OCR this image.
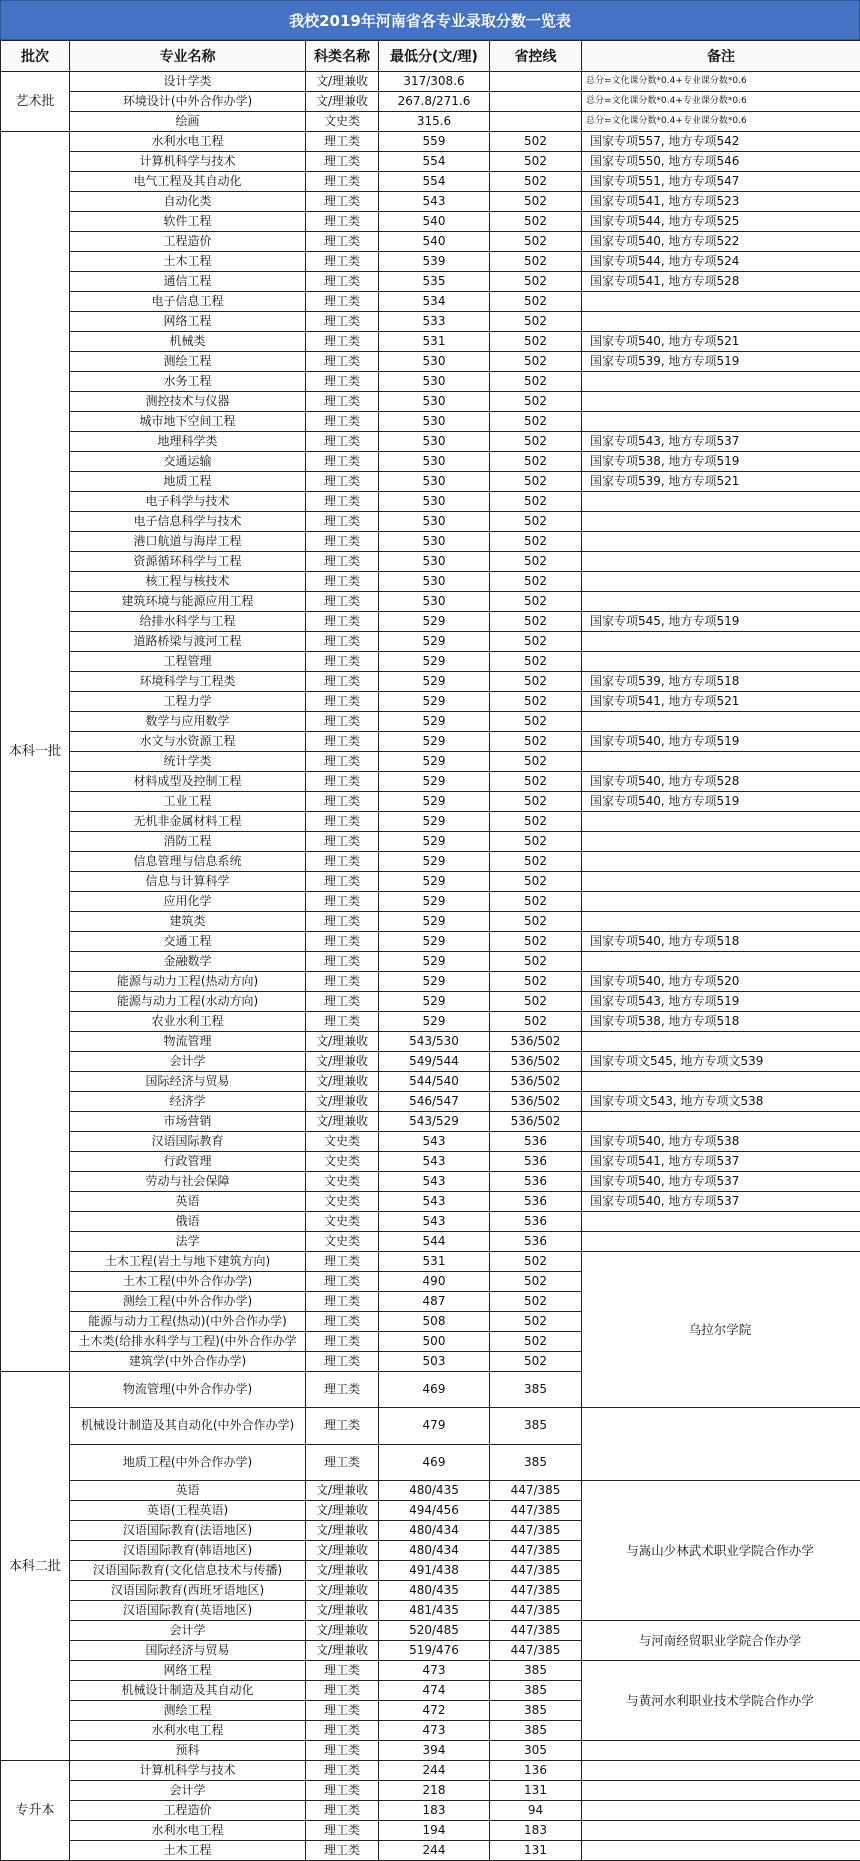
我校2019年河南省各专业录取分数一览表
批次	专业名称	科类名称	最低分(文/理)	省控线	备注	
艺术批	设计学类	文/理兼收	317/308.6		总分=文化课分数*0.4+专业课分数*0.6	
	环境设计(中外合作办学)	文/理兼收	267.8/271.6		总分=文化课分数*0.4+专业课分数*0.6	
	绘画	文史类	315.6		总分=文化课分数*0.4+专业课分数*0.6	
本科一批	水利水电工程	理工类	559	502	国家专项557, 地方专项542	
	计算机科学与技术	理工类	554	502	国家专项550, 地方专项546	
	电气工程及其自动化	理工类	554	502	国家专项551, 地方专项547	
	自动化类	理工类	543	502	国家专项541, 地方专项523	
	软件工程	理工类	540	502	国家专项544, 地方专项525	
	工程造价	理工类	540	502	国家专项540, 地方专项522	
	土木工程	理工类	539	502	国家专项544, 地方专项524	
	通信工程	理工类	535	502	国家专项541, 地方专项528	
	电子信息工程	理工类	534	502		
	网络工程	理工类	533	502		
	机械类	理工类	531	502	国家专项540, 地方专项521	
	测绘工程	理工类	530	502	国家专项539, 地方专项519	
	水务工程	理工类	530	502		
	测控技术与仪器	理工类	530	502		
	城市地下空间工程	理工类	530	502		
	地理科学类	理工类	530	502	国家专项543, 地方专项537	
	交通运输	理工类	530	502	国家专项538, 地方专项519	
	地质工程	理工类	530	502	国家专项539, 地方专项521	
	电子科学与技术	理工类	530	502		
	电子信息科学与技术	理工类	530	502		
	港口航道与海岸工程	理工类	530	502		
	资源循环科学与工程	理工类	530	502		
	核工程与核技术	理工类	530	502		
	建筑环境与能源应用工程	理工类	530	502		
	给排水科学与工程	理工类	529	502	国家专项545, 地方专项519	
	道路桥梁与渡河工程	理工类	529	502		
	工程管理	理工类	529	502		
	环境科学与工程类	理工类	529	502	国家专项539, 地方专项518	
	工程力学	理工类	529	502	国家专项541, 地方专项521	
	数学与应用数学	理工类	529	502		
	水文与水资源工程	理工类	529	502	国家专项540, 地方专项519	
	统计学类	理工类	529	502		
	材料成型及控制工程	理工类	529	502	国家专项540, 地方专项528	
	工业工程	理工类	529	502	国家专项540, 地方专项519	
	无机非金属材料工程	理工类	529	502		
	消防工程	理工类	529	502		
	信息管理与信息系统	理工类	529	502		
	信息与计算科学	理工类	529	502		
	应用化学	理工类	529	502		
	建筑类	理工类	529	502		
	交通工程	理工类	529	502	国家专项540, 地方专项518	
	金融数学	理工类	529	502		
	能源与动力工程(热动方向)	理工类	529	502	国家专项540, 地方专项520	
	能源与动力工程(水动方向)	理工类	529	502	国家专项543, 地方专项519	
	农业水利工程	理工类	529	502	国家专项538, 地方专项518	
	物流管理	文/理兼收	543/530	536/502		
	会计学	文/理兼收	549/544	536/502	国家专项文545, 地方专项文539	
	国际经济与贸易	文/理兼收	544/540	536/502		
	经济学	文/理兼收	546/547	536/502	国家专项文543, 地方专项文538	
	市场营销	文/理兼收	543/529	536/502		
	汉语国际教育	文史类	543	536	国家专项540, 地方专项538	
	行政管理	文史类	543	536	国家专项541, 地方专项537	
	劳动与社会保障	文史类	543	536	国家专项540, 地方专项537	
	英语	文史类	543	536	国家专项540, 地方专项537	
	俄语	文史类	543	536		
	法学	文史类	544	536		
	土木工程(岩土与地下建筑方向)	理工类	531	502	乌拉尔学院	
	土木工程(中外合作办学)	理工类	490	502		
	测绘工程(中外合作办学)	理工类	487	502		
	能源与动力工程(热动)(中外合作办学)	理工类	508	502		
	土木类(给排水科学与工程)(中外合作办学	理工类	500	502		
	建筑学(中外合作办学)	理工类	503	502		
本科二批	物流管理(中外合作办学)	理工类	469	385	
	机械设计制造及其自动化(中外合作办学)	理工类	479	385		
	地质工程(中外合作办学)	理工类	469	385		
	英语	文/理兼收	480/435	447/385	与嵩山少林武术职业学院合作办学	
	英语(工程英语)	文/理兼收	494/456	447/385		
	汉语国际教育(法语地区)	文/理兼收	480/434	447/385		
	汉语国际教育(韩语地区)	文/理兼收	480/434	447/385		
	汉语国际教育(文化信息技术与传播)	文/理兼收	491/438	447/385		
	汉语国际教育(西班牙语地区)	文/理兼收	480/435	447/385		
	汉语国际教育(英语地区)	文/理兼收	481/435	447/385		
	会计学	文/理兼收	520/485	447/385	与河南经贸职业学院合作办学	
	国际经济与贸易	文/理兼收	519/476	447/385		
	网络工程	理工类	473	385	与黄河水利职业技术学院合作办学	
	机械设计制造及其自动化	理工类	474	385		
	测绘工程	理工类	472	385		
	水利水电工程	理工类	473	385		
	预科	理工类	394	305		
专升本	计算机科学与技术	理工类	244	136		
	会计学	理工类	218	131		
	工程造价	理工类	183	94		
	水利水电工程	理工类	194	183		
	土木工程	理工类	244	131		
